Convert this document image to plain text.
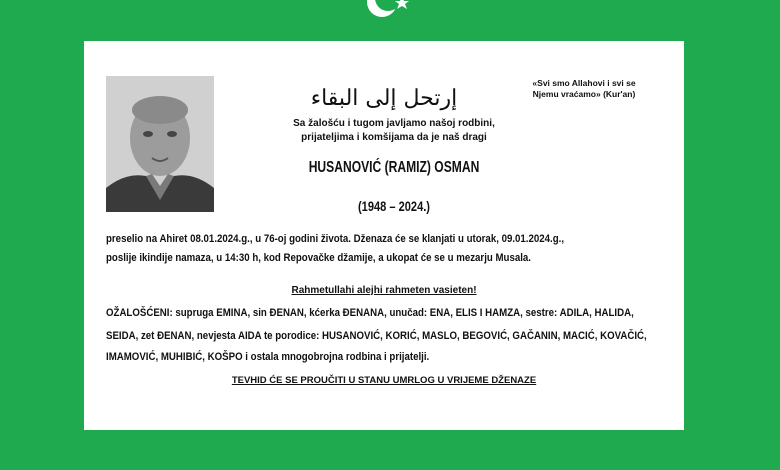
إرتحل إلى البقاء
«Svi smo Allahovi i svi se
Njemu vraćamo» (Kur'an)
Sa žalošću i tugom javljamo našoj rodbini,
prijateljima i komšijama da je naš dragi
HUSANOVIĆ (RAMIZ) OSMAN
(1948 – 2024.)
preselio na Ahiret 08.01.2024.g., u 76-oj godini života. Dženaza će se klanjati u utorak, 09.01.2024.g.,
poslije ikindije namaza, u 14:30 h, kod Repovačke džamije, a ukopat će se u mezarju Musala.
Rahmetullahi alejhi rahmeten vasieten!
OŽALOŠĆENI: supruga EMINA, sin ĐENAN, kćerka ĐENANA, unučad: ENA, ELIS I HAMZA, sestre: ADILA, HALIDA,
SEIDA, zet ĐENAN, nevjesta AIDA te porodice: HUSANOVIĆ, KORIĆ, MASLO, BEGOVIĆ, GAČANIN, MACIĆ, KOVAČIĆ,
IMAMOVIĆ, MUHIBIĆ, KOŠPO i ostala mnogobrojna rodbina i prijatelji.
TEVHID ĆE SE PROUČITI U STANU UMRLOG U VRIJEME DŽENAZE
